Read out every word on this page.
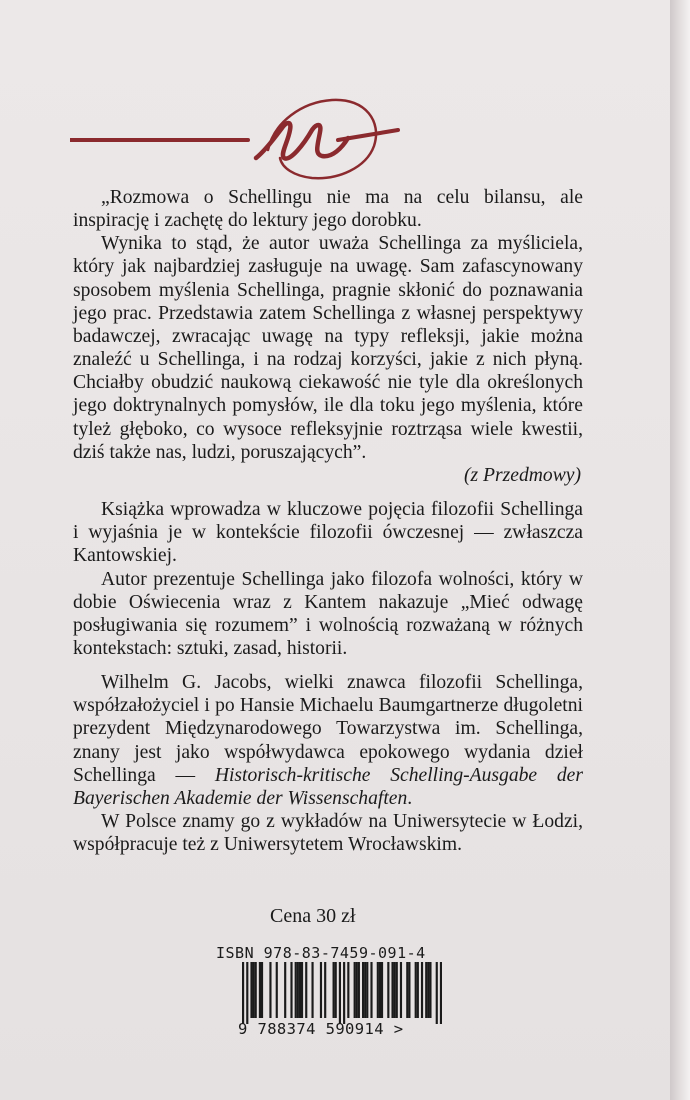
„Rozmowa o Schellingu nie ma na celu bilansu, ale inspirację i zachętę do lektury jego dorobku.

Wynika to stąd, że autor uważa Schellinga za myśliciela, który jak najbardziej zasługuje na uwagę. Sam zafascynowany sposobem myślenia Schellinga, pragnie skłonić do poznawania jego prac. Przedstawia zatem Schellinga z własnej perspektywy badawczej, zwracając uwagę na typy refleksji, jakie można znaleźć u Schellinga, i na rodzaj korzyści, jakie z nich płyną. Chciałby obudzić naukową ciekawość nie tyle dla określonych jego doktrynalnych pomysłów, ile dla toku jego myślenia, które tyleż głęboko, co wysoce refleksyjnie roztrząsa wiele kwestii, dziś także nas, ludzi, poruszających”.

(z Przedmowy)

Książka wprowadza w kluczowe pojęcia filozofii Schellinga i wyjaśnia je w kontekście filozofii ówczesnej — zwłaszcza Kantowskiej.

Autor prezentuje Schellinga jako filozofa wolności, który w dobie Oświecenia wraz z Kantem nakazuje „Mieć odwagę posługiwania się rozumem” i wolnością rozważaną w różnych kontekstach: sztuki, zasad, historii.

Wilhelm G. Jacobs, wielki znawca filozofii Schellinga, współzałożyciel i po Hansie Michaelu Baumgartnerze długoletni prezydent Międzynarodowego Towarzystwa im. Schellinga, znany jest jako współwydawca epokowego wydania dzieł Schellinga — Historisch-kritische Schelling-Ausgabe der Bayerischen Akademie der Wissenschaften.

W Polsce znamy go z wykładów na Uniwersytecie w Łodzi, współpracuje też z Uniwersytetem Wrocławskim.

Cena 30 zł
ISBN 978-83-7459-091-4
9 788374 590914 >
